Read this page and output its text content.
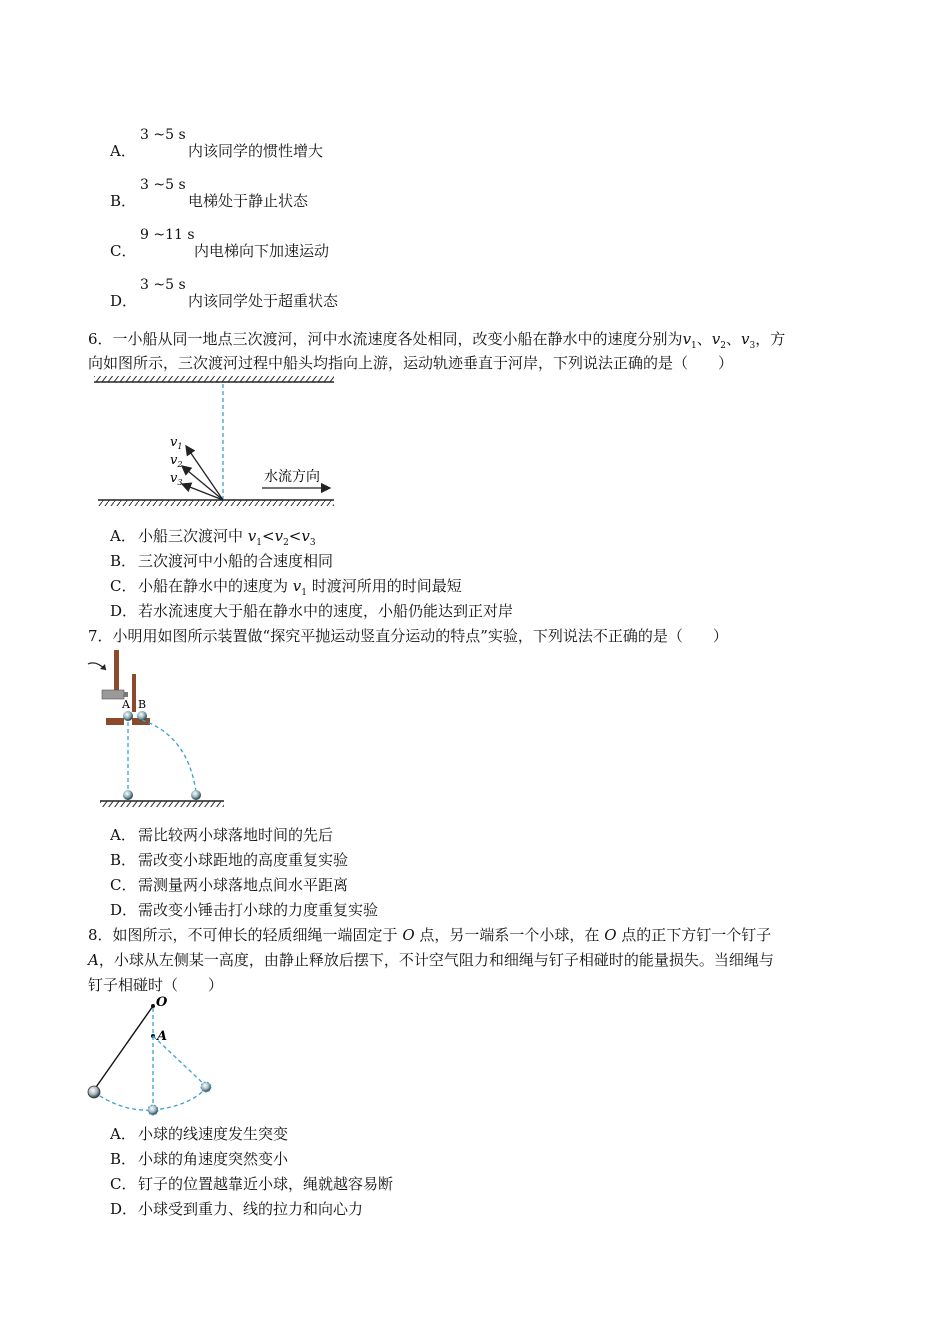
3 ~5 s
A．	内该同学的惯性增大
3 ~5 s
B．	电梯处于静止状态
9 ~11 s
C．	内电梯向下加速运动
3 ~5 s
D．	内该同学处于超重状态
6．一小船从同一地点三次渡河，河中水流速度各处相同，改变小船在静水中的速度分别为$v_1$、$v_2$、$v_3$，方
向如图所示，三次渡河过程中船头均指向上游，运动轨迹垂直于河岸，下列说法正确的是（　　）
$v_1$
$v_2$
$v_3$	水流方向
A． 小船三次渡河中 $v_1<v_2<v_3$
B． 三次渡河中小船的合速度相同
C． 小船在静水中的速度为 $v_1$ 时渡河所用的时间最短
D．若水流速度大于船在静水中的速度，小船仍能达到正对岸
7．小明用如图所示装置做“探究平抛运动竖直分运动的特点”实验，下列说法不正确的是（　　）
A B
A． 需比较两小球落地时间的先后
B． 需改变小球距地的高度重复实验
C． 需测量两小球落地点间水平距离
D．需改变小锤击打小球的力度重复实验
8．如图所示，不可伸长的轻质细绳一端固定于 O 点，另一端系一个小球，在 O 点的正下方钉一个钉子
A，小球从左侧某一高度，由静止释放后摆下，不计空气阻力和细绳与钉子相碰时的能量损失。当细绳与
钉子相碰时（　　）
O
A
A． 小球的线速度发生突变
B． 小球的角速度突然变小
C． 钉子的位置越靠近小球，绳就越容易断
D．小球受到重力、线的拉力和向心力
